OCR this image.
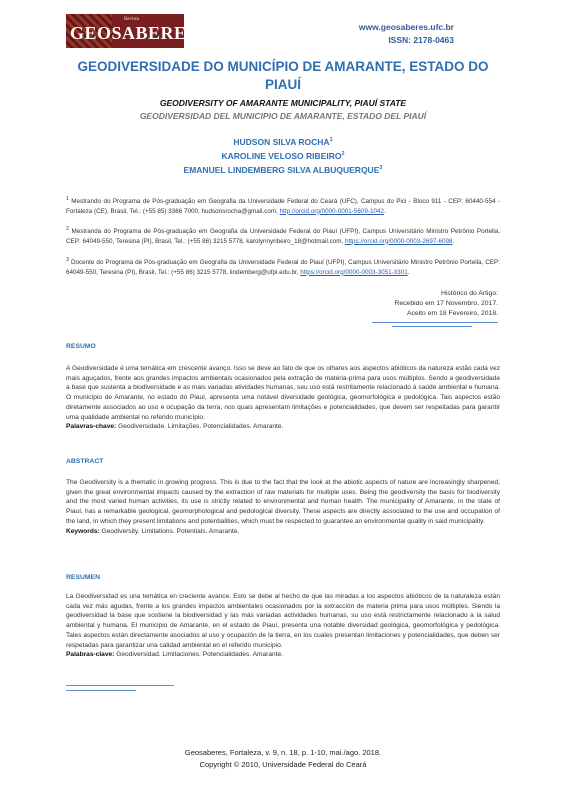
Revista
GEOSABERES	www.geosaberes.ufc.br
ISSN: 2178-0463
GEODIVERSIDADE DO MUNICÍPIO DE AMARANTE, ESTADO DO PIAUÍ
GEODIVERSITY OF AMARANTE MUNICIPALITY, PIAUÍ STATE
GEODIVERSIDAD DEL MUNICIPIO DE AMARANTE, ESTADO DEL PIAUÍ
HUDSON SILVA ROCHA$^1$
KAROLINE VELOSO RIBEIRO$^2$
EMANUEL LINDEMBERG SILVA ALBUQUERQUE$^3$
$^1$ Mestrando do Programa de Pós-graduação em Geografia da Universidade Federal do Ceará (UFC), Campus do Pici - Bloco 911 - CEP: 60440-554 - Fortaleza (CE), Brasil, Tel.: (+55 85) 3366 7000, hudsonsrocha@gmail.com, http://orcid.org/0000-0001-5609-1042.
$^2$ Mestranda do Programa de Pós-graduação em Geografia da Universidade Federal do Piauí (UFPI), Campus Universitário Ministro Petrônio Portella, CEP: 64049-550, Teresina (PI), Brasil, Tel.: (+55 86) 3215 5778, karolynnyribeiro_18@hotmail.com, https://orcid.org/0000-0003-2697-6098.
$^3$ Docente do Programa de Pós-graduação em Geografia da Universidade Federal do Piauí (UFPI), Campus Universitário Ministro Petrônio Portella, CEP: 64049-550, Teresina (PI), Brasil, Tel.: (+55 86) 3215 5778, lindemberg@ufpi.edu.br, https://orcid.org/0000-0003-3051-3301.
Histórico do Artigo:
Recebido em 17 Novembro, 2017.
Aceito em 18 Fevereiro, 2018.
RESUMO
A Geodiversidade é uma temática em crescente avanço. Isso se deve ao fato de que os olhares aos aspectos abióticos da natureza estão cada vez mais aguçados, frente aos grandes impactos ambientais ocasionados pela extração de matéria-prima para usos múltiplos. Sendo a geodiversidade a base que sustenta a biodiversidade e as mais variadas atividades humanas, seu uso está restritamente relacionado à saúde ambiental e humana. O município de Amarante, no estado do Piauí, apresenta uma notável diversidade geológica, geomorfológica e pedológica. Tais aspectos estão diretamente associados ao uso e ocupação da terra, nos quais apresentam limitações e potencialidades, que devem ser respeitadas para garantir uma qualidade ambiental no referido município.
Palavras-chave: Geodiversidade. Limitações. Potencialidades. Amarante.
ABSTRACT
The Geodiversity is a thematic in growing progress. This is due to the fact that the look at the abiotic aspects of nature are increasingly sharpened, given the great environmental impacts caused by the extraction of raw materials for multiple uses. Being the geodiversity the basis for biodiversity and the most varied human activities, its use is strictly related to environmental and human health. The municipality of Amarante, in the state of Piauí, has a remarkable geological, geomorphological and pedological diversity. These aspects are directly associated to the use and occupation of the land, in which they present limitations and potentialities, which must be respected to guarantee an environmental quality in said municipality.
Keywords: Geodiversity. Limitations. Potentials. Amarante.
RESUMEN
La Geodiversidad es una temática en creciente avance. Esto se debe al hecho de que las miradas a los aspectos abióticos de la naturaleza están cada vez más agudas, frente a los grandes impactos ambientales ocasionados por la extracción de materia prima para usos múltiples. Siendo la geodiversidad la base que sostiene la biodiversidad y las más variadas actividades humanas, su uso está restrictamente relacionado a la salud ambiental y humana. El municipio de Amarante, en el estado de Piauí, presenta una notable diversidad geológica, geomorfológica y pedológica. Tales aspectos están directamente asociados al uso y ocupación de la tierra, en los cuales presentan limitaciones y potencialidades, que deben ser respetadas para garantizar una calidad ambiental en el referido municipio.
Palabras-clave: Geodiversidad. Limitaciones. Potencialidades. Amarante.
Geosaberes, Fortaleza, v. 9, n. 18, p. 1-10, mai./ago. 2018.
Copyright © 2010, Universidade Federal do Ceará
